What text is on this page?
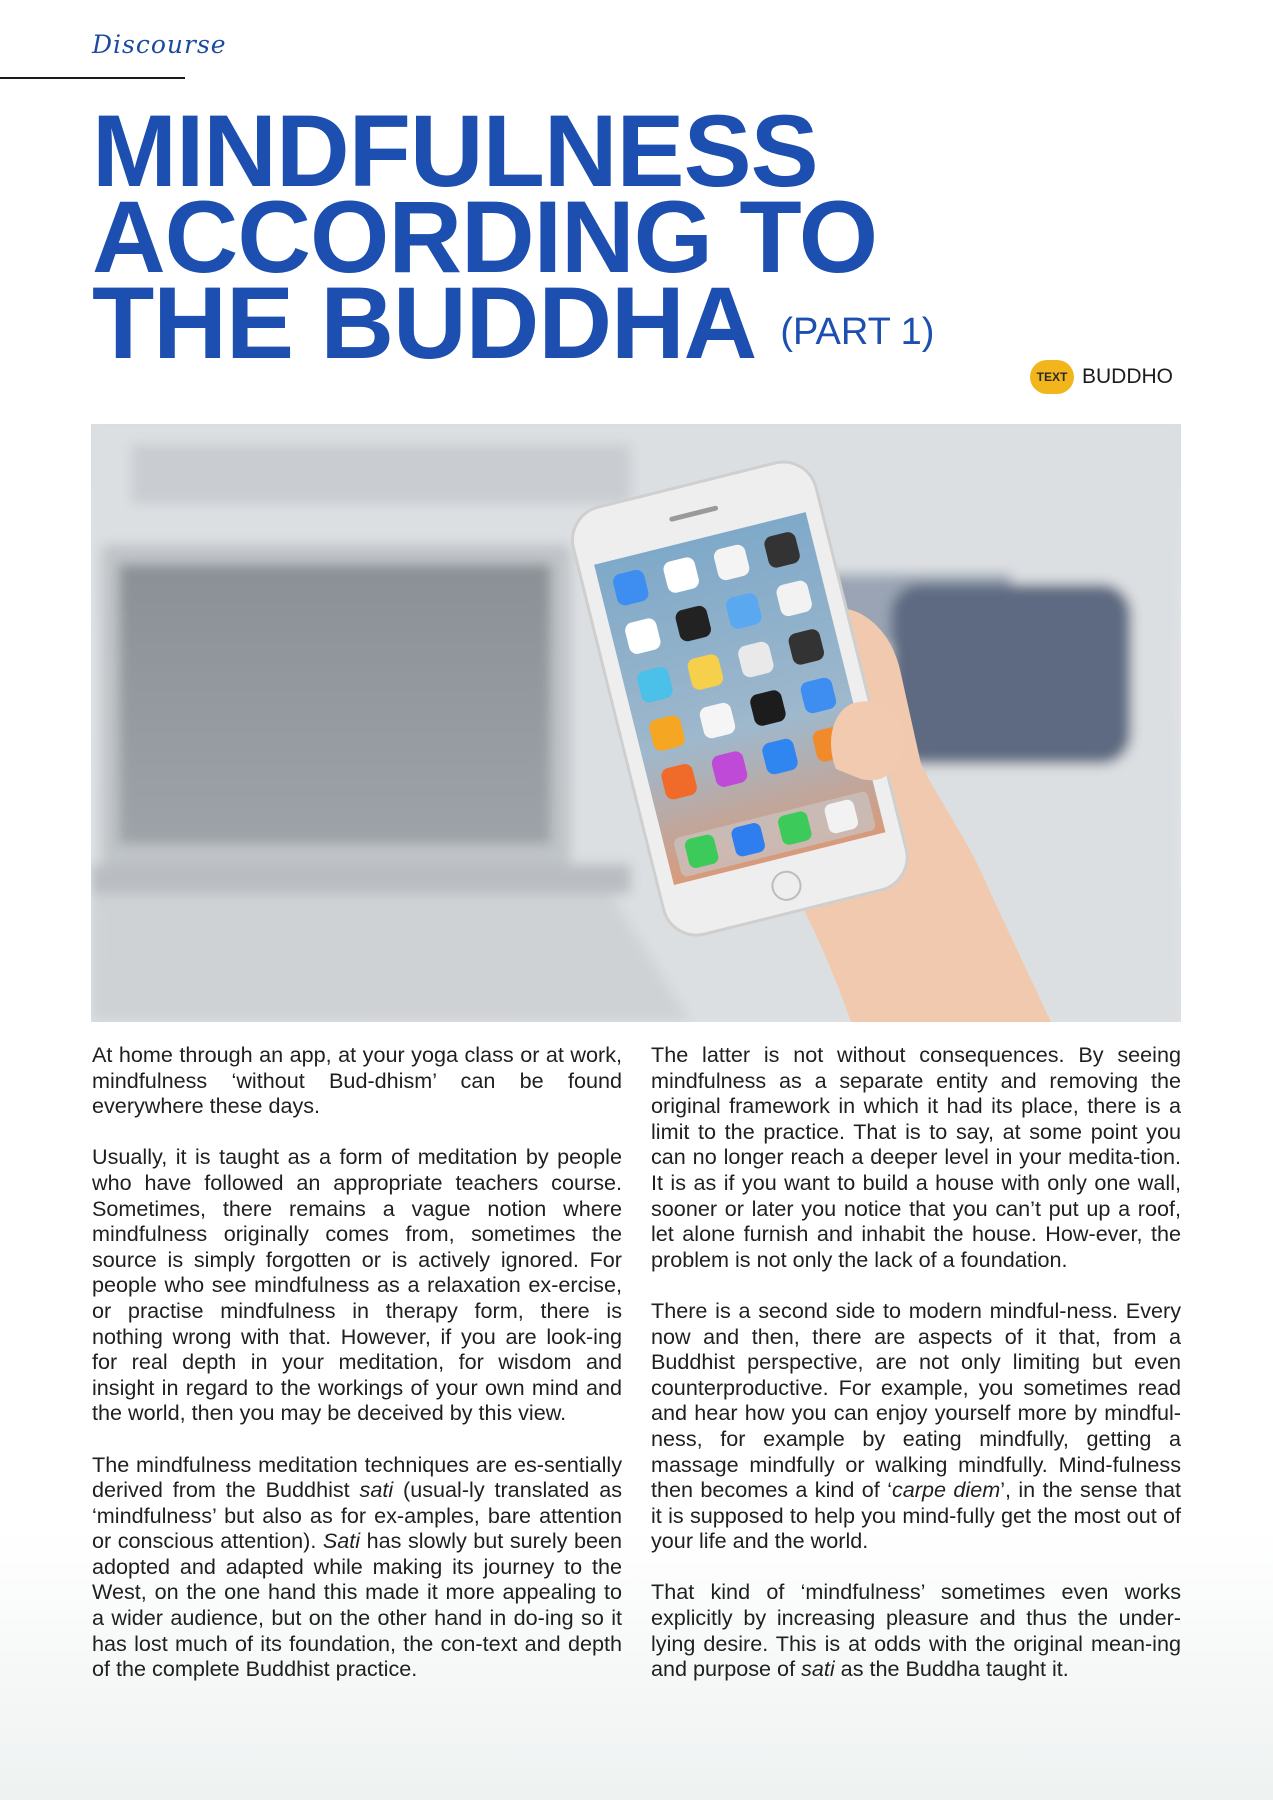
Discourse
MINDFULNESS
ACCORDING TO
THE BUDDHA (PART 1)
TEXT BUDDHO

At home through an app, at your yoga class or at work, mindfulness ‘without Bud-dhism’ can be found everywhere these days.

Usually, it is taught as a form of meditation by people who have followed an appropriate teachers course. Sometimes, there remains a vague notion where mindfulness originally comes from, sometimes the source is simply forgotten or is actively ignored. For people who see mindfulness as a relaxation ex-ercise, or practise mindfulness in therapy form, there is nothing wrong with that. However, if you are look-ing for real depth in your meditation, for wisdom and insight in regard to the workings of your own mind and the world, then you may be deceived by this view.

The mindfulness meditation techniques are es-sentially derived from the Buddhist sati (usual-ly translated as ‘mindfulness’ but also as for ex-amples, bare attention or conscious attention). Sati has slowly but surely been adopted and adapted while making its journey to the West, on the one hand this made it more appealing to a wider audience, but on the other hand in do-ing so it has lost much of its foundation, the con-text and depth of the complete Buddhist practice.

The latter is not without consequences. By seeing mindfulness as a separate entity and removing the original framework in which it had its place, there is a limit to the practice. That is to say, at some point you can no longer reach a deeper level in your medita-tion. It is as if you want to build a house with only one wall, sooner or later you notice that you can’t put up a roof, let alone furnish and inhabit the house. How-ever, the problem is not only the lack of a foundation.

There is a second side to modern mindful-ness. Every now and then, there are aspects of it that, from a Buddhist perspective, are not only limiting but even counterproductive. For example, you sometimes read and hear how you can enjoy yourself more by mindful-ness, for example by eating mindfully, getting a massage mindfully or walking mindfully. Mind-fulness then becomes a kind of ‘carpe diem’, in the sense that it is supposed to help you mind-fully get the most out of your life and the world.

That kind of ‘mindfulness’ sometimes even works explicitly by increasing pleasure and thus the under-lying desire. This is at odds with the original mean-ing and purpose of sati as the Buddha taught it.
